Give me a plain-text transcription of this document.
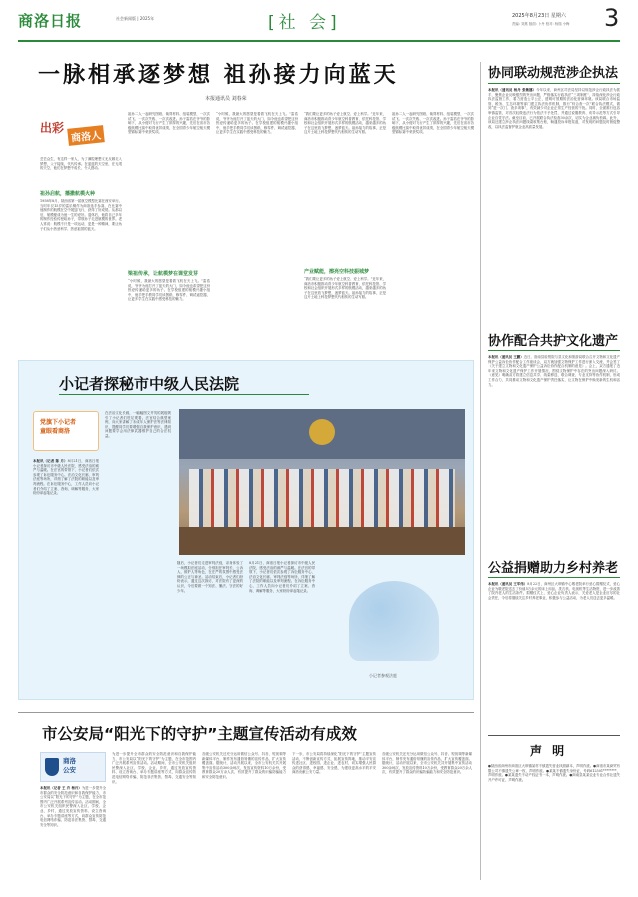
商洛日报	社会新闻版 | 2025年	[社 会]	2025年8月23日 星期六
责编: 刘燕 版面: 卜丹 校对: 杨瑞 小梅 3
一脉相承逐梦想 祖孙接力向蓝天
本报通讯员 刘春荣
出彩
商洛人
芸芸众生，有这样一家人，为了满腔理想义无反顾走入梦想，父子接续，代代传承。在蓝蓝的天空里，在无垠的天空，他们在梦想中成长，令人感动。
祖孙启航，播撒航模火种
1958年8月，陕西省第一届航空模型比赛在西安举行。当时年仅15岁的雷乐桐作为商洛选手参赛，在比赛中他制作的航模在空中展翅飞行，获得了好成绩。从那以后，航模便成为他一生的爱好。退休后，他将自己多年的制作经验传授给孙子，带领孙子走进航模的世界。老人常说：航模不只是一项运动，更是一种精神，要让孩子们从小热爱科学、热爱祖国的蓝天。
祖孙二人一起研究图纸、裁剪材料、组装模型，一次次试飞、一次次失败、一次次改进。孙子雷浩在爷爷的影响下，从小便对飞行产生了浓厚的兴趣，先后在省市各级航模比赛中取得优异成绩，在全国青少年航空航天模型锦标赛中荣获奖项。
梁祖传承，让航模梦在课堂发芽
“小时候，我最大的愿望是看着飞机在天上飞。”雷浩说，爷爷为他打开了蓝天的大门，如今他也希望把这份热爱传递给更多的孩子。在学校组建的航模兴趣小组中，他手把手教同学们读图纸、修零件、调试遥控器，让更多学生在实践中感受科技的魅力。
“小时候，我最大的愿望是看着飞机在天上飞。”雷浩说，爷爷为他打开了蓝天的大门，如今他也希望把这份热爱传递给更多的孩子。在学校组建的航模兴趣小组中，他手把手教同学们读图纸、修零件、调试遥控器，让更多学生在实践中感受科技的魅力。
“我们要让更多的孩子爱上航空、爱上科学。”近年来，商洛市积极推动青少年航空科普教育，依托科技馆、学校和社会组织开展形式多样的航模活动，越来越多的孩子在这里放飞梦想，逐梦蓝天。祖孙接力的故事，正是这片土地上科技梦想代代相传的生动写照。
产业赋能，擦亮空科技振城梦
“我们要让更多的孩子爱上航空、爱上科学。”近年来，商洛市积极推动青少年航空科普教育，依托科技馆、学校和社会组织开展形式多样的航模活动，越来越多的孩子在这里放飞梦想，逐梦蓝天。祖孙接力的故事，正是这片土地上科技梦想代代相传的生动写照。
祖孙二人一起研究图纸、裁剪材料、组装模型，一次次试飞、一次次失败、一次次改进。孙子雷浩在爷爷的影响下，从小便对飞行产生了浓厚的兴趣，先后在省市各级航模比赛中取得优异成绩，在全国青少年航空航天模型锦标赛中荣获奖项。
协同联动规范涉企执法
本报讯（通讯员 杨丹 张敏娜）今年以来，商州区司法局坚持以规范涉企行政执法为抓手，聚焦企业反映强烈的突出问题，严格落实行政执法“三项制度”，持续深化涉企行政执法监督工作，着力营造公平公正、透明可预期的法治化营商环境。该局联合市场监管、税务、生态环境等部门建立执法协作机制，推行“综合查一次”联合执法模式，做到“进一次门、查多项事”，有效减少对企业正常生产经营的干扰。同时，全面推行包容审慎监管，对首次轻微违法行为依法不予处罚，并通过说服教育、劝导示范等方式引导企业自觉守法。截至目前，已开展联合执法检查30余次，切实为企业减负松绑。此外，该局还建立涉企执法问题线索收集台账，畅通投诉举报渠道，对发现的问题及时督促整改，以执法监督护航企业高质量发展。
协作配合共护文化遗产
本报讯（通讯员 王鹏）近日，洛南县检察院与县文化和旅游局联合召开文物和文化遗产保护公益诉讼协作配合工作座谈会，双方就加强文物保护工作进行深入交流，并会签了《关于建立文物和文化遗产保护公益诉讼协作配合机制的意见》。会上，双方通报了近年来文物和文化遗产保护工作开展情况，围绕文物保护中存在的突出问题深入研讨。《意见》明确双方将建立信息共享、线索移送、联合调查、专业支持等协作机制，形成工作合力，共同推动文物和文化遗产保护责任落实，让文物在保护中焕发新的生机和活力。
公益捐赠助力乡村养老
本报讯（通讯员 王军伟）8月22日，商州区大荆镇中心敬老院举行爱心捐赠仪式，爱心企业为敬老院送去了价值5万余元的床上用品、洗衣机、电视机等生活物资，进一步改善了院内老人的生活条件。捐赠仪式上，爱心企业负责人表示，关爱老人是企业应尽的社会责任，今后将继续关注乡村养老事业，积极参与公益活动，为老人们送去更多温暖。
声 明
●陕西省商州市商洛区大荆镇某村不慎遗失营业执照副本，声明作废。●商洛市某商贸有限公司不慎遗失公章一枚，声明作废。●某某不慎遗失身份证，号码612501********，声明作废。●某某遗失不动产权证书一本，声明作废。●商南县某某农业专业合作社遗失开户许可证，声明作废。
小记者探秘市中级人民法院
党旗下小记者
童眼看商洛
本报讯（记者 陈 月）8月21日，商洛日报小记者探访市中级人民法院，感受法治的威严与温暖。在法官的带领下，小记者们依次参观了诉讼服务中心、法治文化长廊、审判法庭等场所，详细了解了法院的职能以及审判流程。在诉讼服务中心，工作人员向小记者们介绍了立案、咨询、调解等服务，大家纷纷拿起笔记录。
在法治文化长廊，一幅幅图文并茂的展板吸引了小记者们驻足观看。法官结合典型案例，向大家讲解了未成年人保护法等法律知识，提醒同学们要增强自我保护意识，遇到问题要学会用法律武器维护自己的合法权益。
随后，小记者们走进审判法庭，亲身体验了一场模拟法庭活动，分别担任审判长、公诉人、辩护人等角色，在庄严的氛围中感受法律的公正与神圣。活动结束后，小记者们纷纷表示，通过这次探访，对法院有了更深的认识，今后要做一个知法、懂法、守法的好少年。
8月21日，商洛日报小记者探访市中级人民法院，感受法治的威严与温暖。在法官的带领下，小记者们依次参观了诉讼服务中心、法治文化长廊、审判法庭等场所，详细了解了法院的职能以及审判流程。在诉讼服务中心，工作人员向小记者们介绍了立案、咨询、调解等服务，大家纷纷拿起笔记录。
小记者参观法庭
市公安局“阳光下的守护”主题宣传活动有成效
商洛
公安
本报讯（记者 王 卉 杨丹）为进一步提升全市群众的安全防范意识和自我保护能力，市公安局以“阳光下的守护”为主题，在全市范围内广泛开展系列宣传活动。活动期间，全市公安机关组织民警深入社区、学校、企业、乡村，通过发放宣传资料、设立咨询台、举办专题讲座等方式，向群众宣传防范电信网络诈骗、防范非法集资、禁毒、交通安全等知识。
为进一步提升全市群众的安全防范意识和自我保护能力，市公安局以“阳光下的守护”为主题，在全市范围内广泛开展系列宣传活动。活动期间，全市公安机关组织民警深入社区、学校、企业、乡村，通过发放宣传资料、设立咨询台、举办专题讲座等方式，向群众宣传防范电信网络诈骗、防范非法集资、禁毒、交通安全等知识。
各级公安机关还充分运用微信公众号、抖音、短视频等新媒体平台，制作发布通俗易懂的宣传作品，扩大宣传覆盖面。据统计，活动开展以来，全市公安机关共开展集中宣传活动300余场次，发放宣传资料10万余份，受教育群众20万余人次，有效提升了群众的识骗防骗能力和安全防范意识。
下一步，市公安局将持续深化“阳光下的守护”主题宣传活动，不断创新宣传方式，拓展宣传阵地，推动平安宣传进社区、进校园、进企业、进农村，切实增强人民群众的获得感、幸福感、安全感，为建设更高水平的平安商洛贡献公安力量。
各级公安机关还充分运用微信公众号、抖音、短视频等新媒体平台，制作发布通俗易懂的宣传作品，扩大宣传覆盖面。据统计，活动开展以来，全市公安机关共开展集中宣传活动300余场次，发放宣传资料10万余份，受教育群众20万余人次，有效提升了群众的识骗防骗能力和安全防范意识。
